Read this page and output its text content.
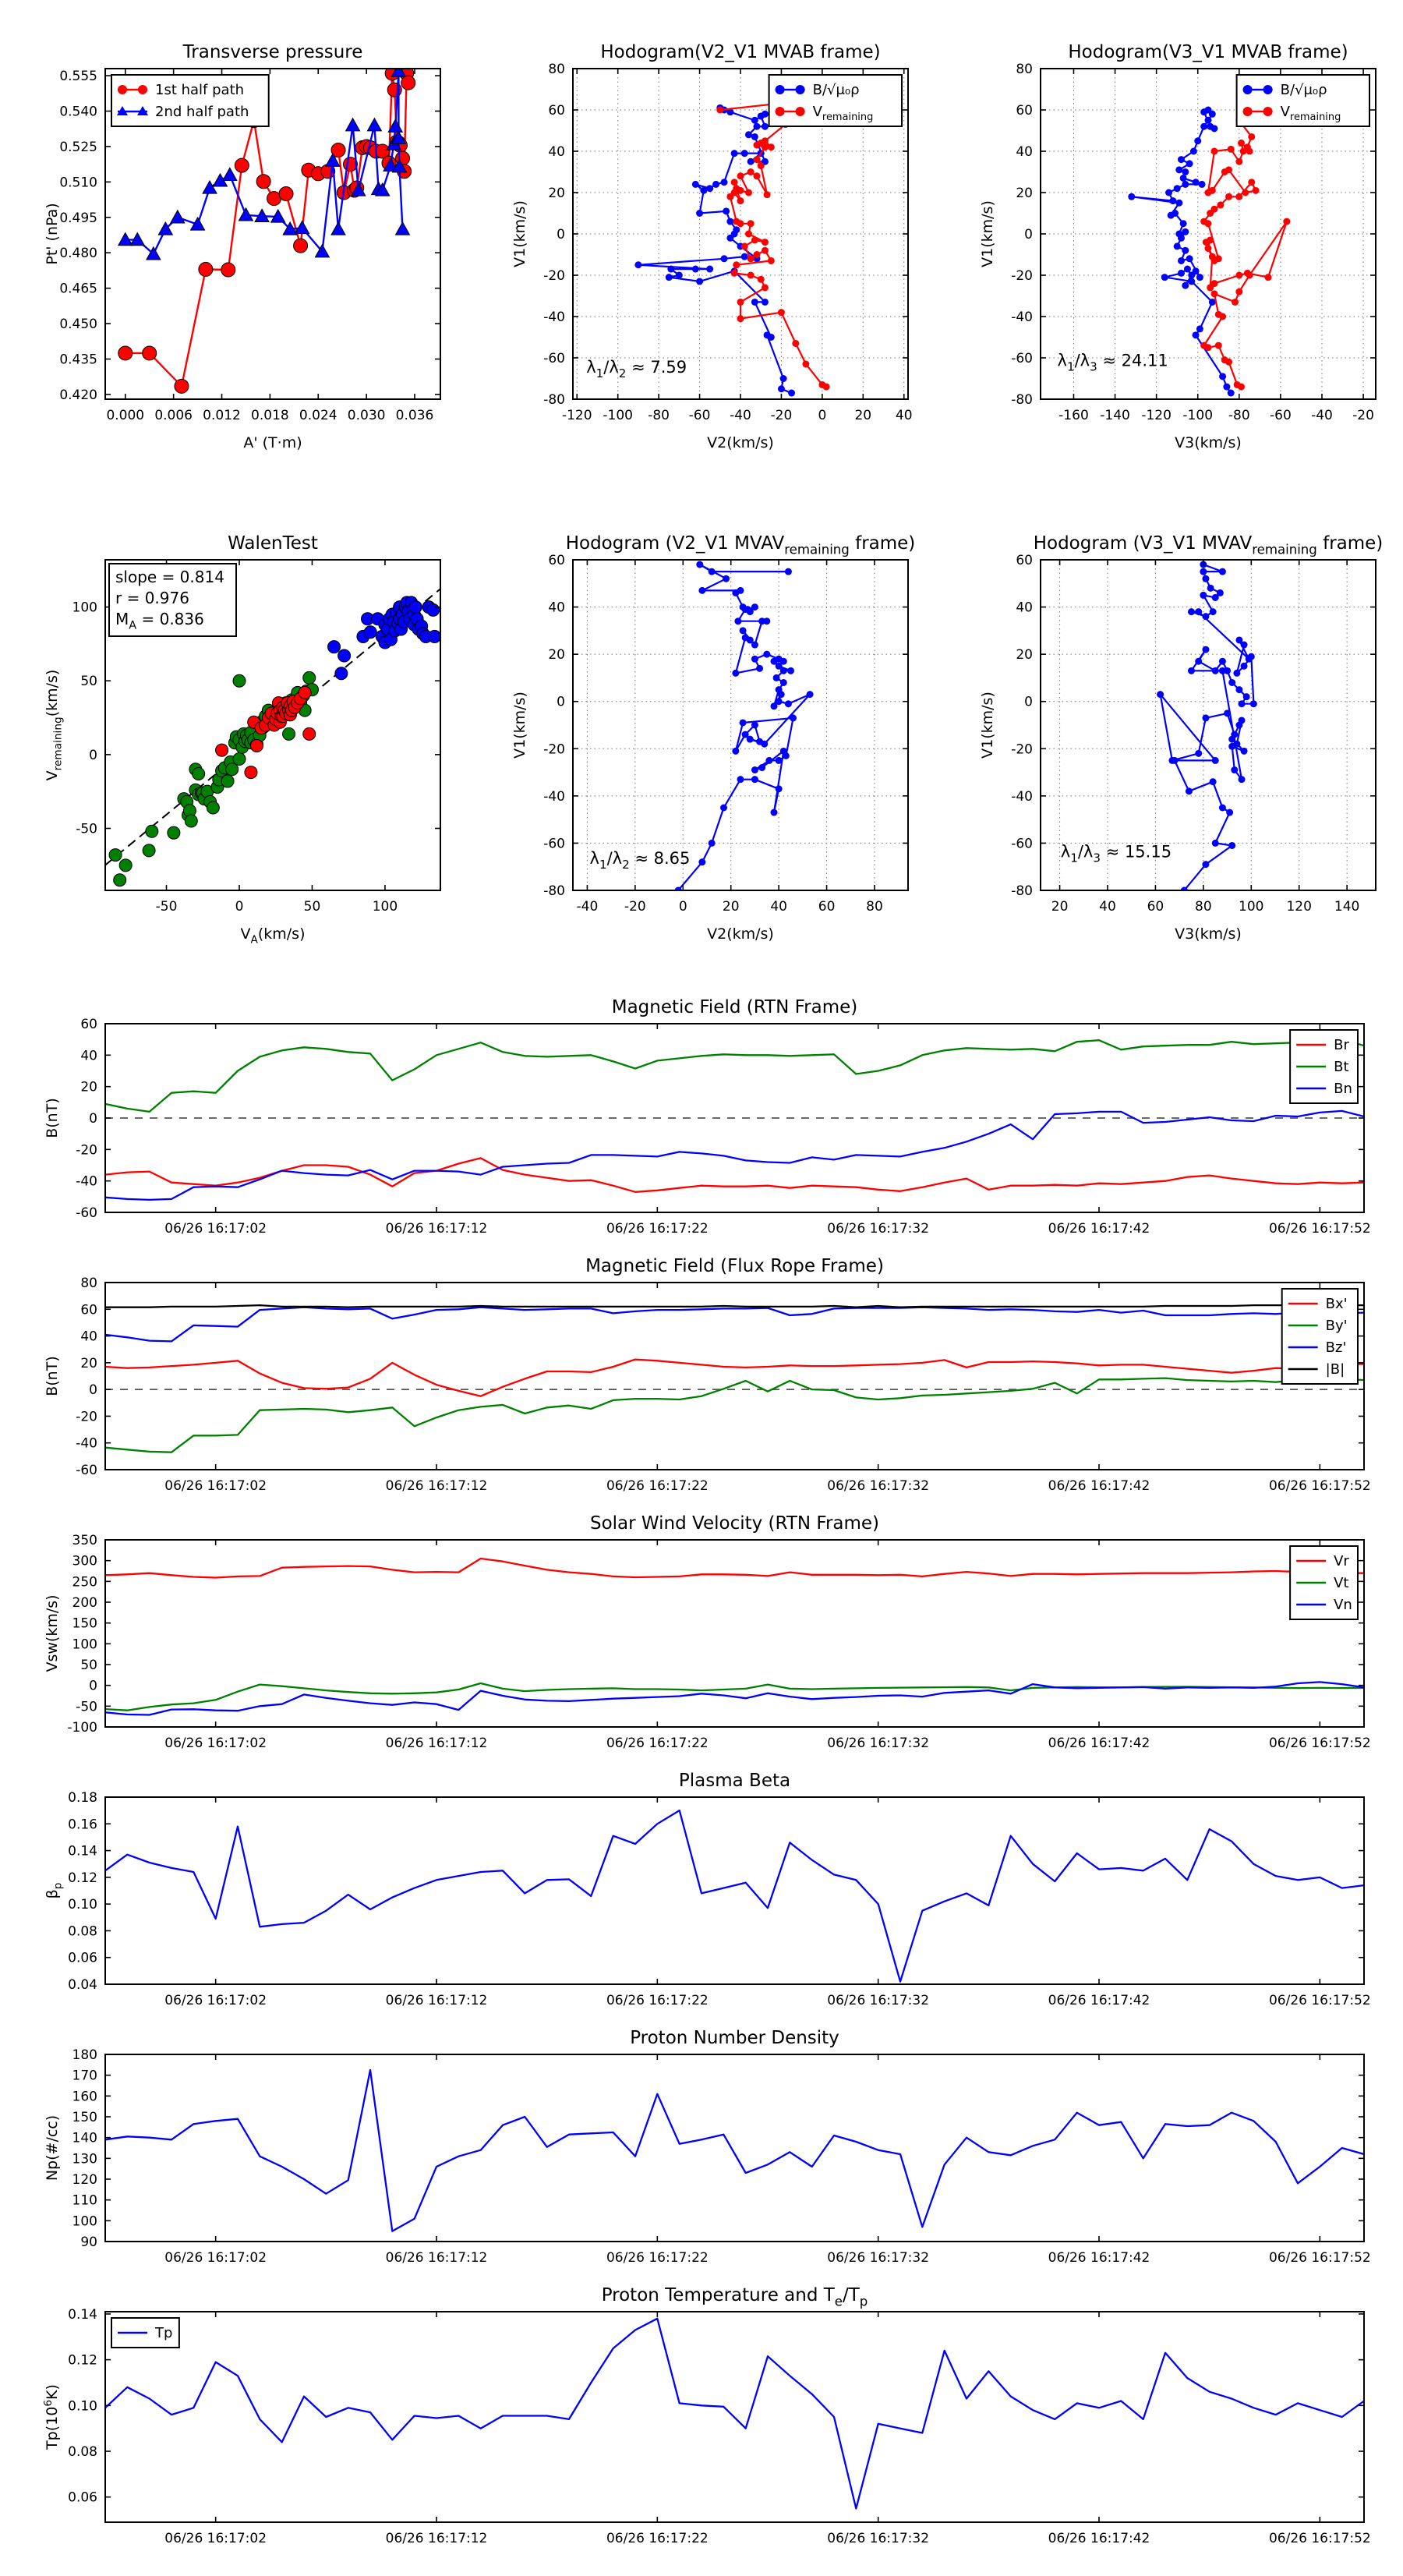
0.000 0.006 0.012 0.018 0.024 0.030 0.036
0.420
0.435
0.450
0.465
0.480
0.495
0.510
0.525
0.540
0.555
Transverse pressure
A' (T·m)
Pt' (nPa)
1st half path
2nd half path
-120 -100 -80 -60 -40 -20 0 20 40
-80
-60
-40
-20
0
20
40
60
80
Hodogram(V2_V1 MVAB frame)
V2(km/s)
V1(km/s)
$\lambda_1/\lambda_2 \approx 7.59$
B/√μ₀ρ
$V_{remaining}$
-160 -140 -120 -100 -80 -60 -40 -20
-80
-60
-40
-20
0
20
40
60
80
Hodogram(V3_V1 MVAB frame)
V3(km/s)
V1(km/s)
$\lambda_1/\lambda_3 \approx 24.11$
B/√μ₀ρ
$V_{remaining}$
-50	0	50	100
-50
0
50
100
WalenTest
$V_A(km/s)$
$V_{remaining}(km/s)$
slope = 0.814
r = 0.976
$M_A = 0.836$
-40 -20 0	20 40 60 80
-80
-60
-40
-20
0
20
40
60
Hodogram (V2_V1 $MVAV_{remaining}$ frame)
V2(km/s)
V1(km/s)
$\lambda_1/\lambda_2 \approx 8.65$
20 40 60 80 100 120 140
-80
-60
-40
-20
0
20
40
60
Hodogram (V3_V1 $MVAV_{remaining}$ frame)
V3(km/s)
V1(km/s)
$\lambda_1/\lambda_3 \approx 15.15$
06/26 16:17:02	06/26 16:17:12	06/26 16:17:22	06/26 16:17:32	06/26 16:17:42	06/26 16:17:52
-60
-40
-20
0
20
40
60
Magnetic Field (RTN Frame)
B(nT)
Br
Bt
Bn
06/26 16:17:02	06/26 16:17:12	06/26 16:17:22	06/26 16:17:32	06/26 16:17:42	06/26 16:17:52
-60
-40
-20
0
20
40
60
80
Magnetic Field (Flux Rope Frame)
B(nT)
Bx'
By'
Bz'
|B|
06/26 16:17:02	06/26 16:17:12	06/26 16:17:22	06/26 16:17:32	06/26 16:17:42	06/26 16:17:52
-100
-50
0
50
100
150
200
250
300
350
Solar Wind Velocity (RTN Frame)
Vsw(km/s)
Vr
Vt
Vn
06/26 16:17:02	06/26 16:17:12	06/26 16:17:22	06/26 16:17:32	06/26 16:17:42	06/26 16:17:52
0.04
0.06
0.08
0.10
0.12
0.14
0.16
0.18
Plasma Beta
$\beta_p$
06/26 16:17:02	06/26 16:17:12	06/26 16:17:22	06/26 16:17:32	06/26 16:17:42	06/26 16:17:52
90
100
110
120
130
140
150
160
170
180
Proton Number Density
Np(#/cc)
06/26 16:17:02	06/26 16:17:12	06/26 16:17:22	06/26 16:17:32	06/26 16:17:42	06/26 16:17:52
0.06
0.08
0.10
0.12
0.14
Proton Temperature and $T_e/T_p$
$Tp(10^6K)$
Tp
